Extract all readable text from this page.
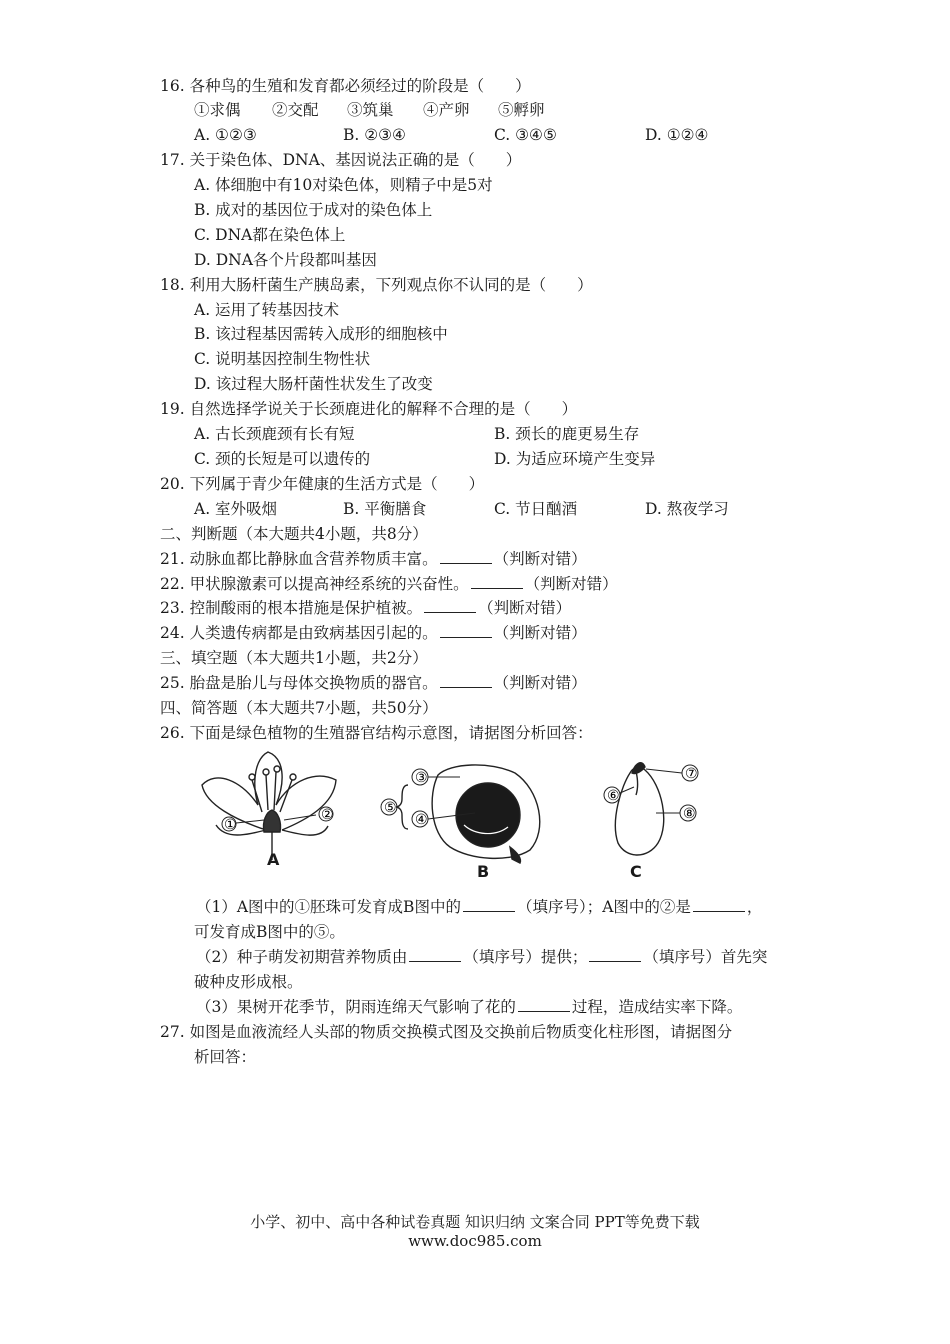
16. 各种鸟的生殖和发育都必须经过的阶段是（　　）
①求偶 ②交配 ③筑巢 ④产卵 ⑤孵卵
A. ①②③	B. ②③④	C. ③④⑤	D. ①②④
17. 关于染色体、DNA、基因说法正确的是（　　）
A. 体细胞中有10对染色体，则精子中是5对
B. 成对的基因位于成对的染色体上
C. DNA都在染色体上
D. DNA各个片段都叫基因
18. 利用大肠杆菌生产胰岛素，下列观点你不认同的是（　　）
A. 运用了转基因技术
B. 该过程基因需转入成形的细胞核中
C. 说明基因控制生物性状
D. 该过程大肠杆菌性状发生了改变
19. 自然选择学说关于长颈鹿进化的解释不合理的是（　　）
A. 古长颈鹿颈有长有短	B. 颈长的鹿更易生存
C. 颈的长短是可以遗传的	D. 为适应环境产生变异
20. 下列属于青少年健康的生活方式是（　　）
A. 室外吸烟	B. 平衡膳食	C. 节日酗酒	D. 熬夜学习
二、判断题（本大题共4小题，共8分）
21. 动脉血都比静脉血含营养物质丰富。	（判断对错）
22. 甲状腺激素可以提高神经系统的兴奋性。	（判断对错）
23. 控制酸雨的根本措施是保护植被。	（判断对错）
24. 人类遗传病都是由致病基因引起的。	（判断对错）
三、填空题（本大题共1小题，共2分）
25. 胎盘是胎儿与母体交换物质的器官。	（判断对错）
四、简答题（本大题共7小题，共50分）
26. 下面是绿色植物的生殖器官结构示意图，请据图分析回答：
①
②
A
③
④
⑤
B
⑥
⑦
⑧
C
（1）A图中的①胚珠可发育成B图中的	（填序号）；A图中的②是	，
可发育成B图中的⑤。
（2）种子萌发初期营养物质由	（填序号）提供；	（填序号）首先突
破种皮形成根。
（3）果树开花季节，阴雨连绵天气影响了花的	过程，造成结实率下降。
27. 如图是血液流经人头部的物质交换模式图及交换前后物质变化柱形图，请据图分
析回答：
小学、初中、高中各种试卷真题 知识归纳 文案合同 PPT等免费下载
www.doc985.com
